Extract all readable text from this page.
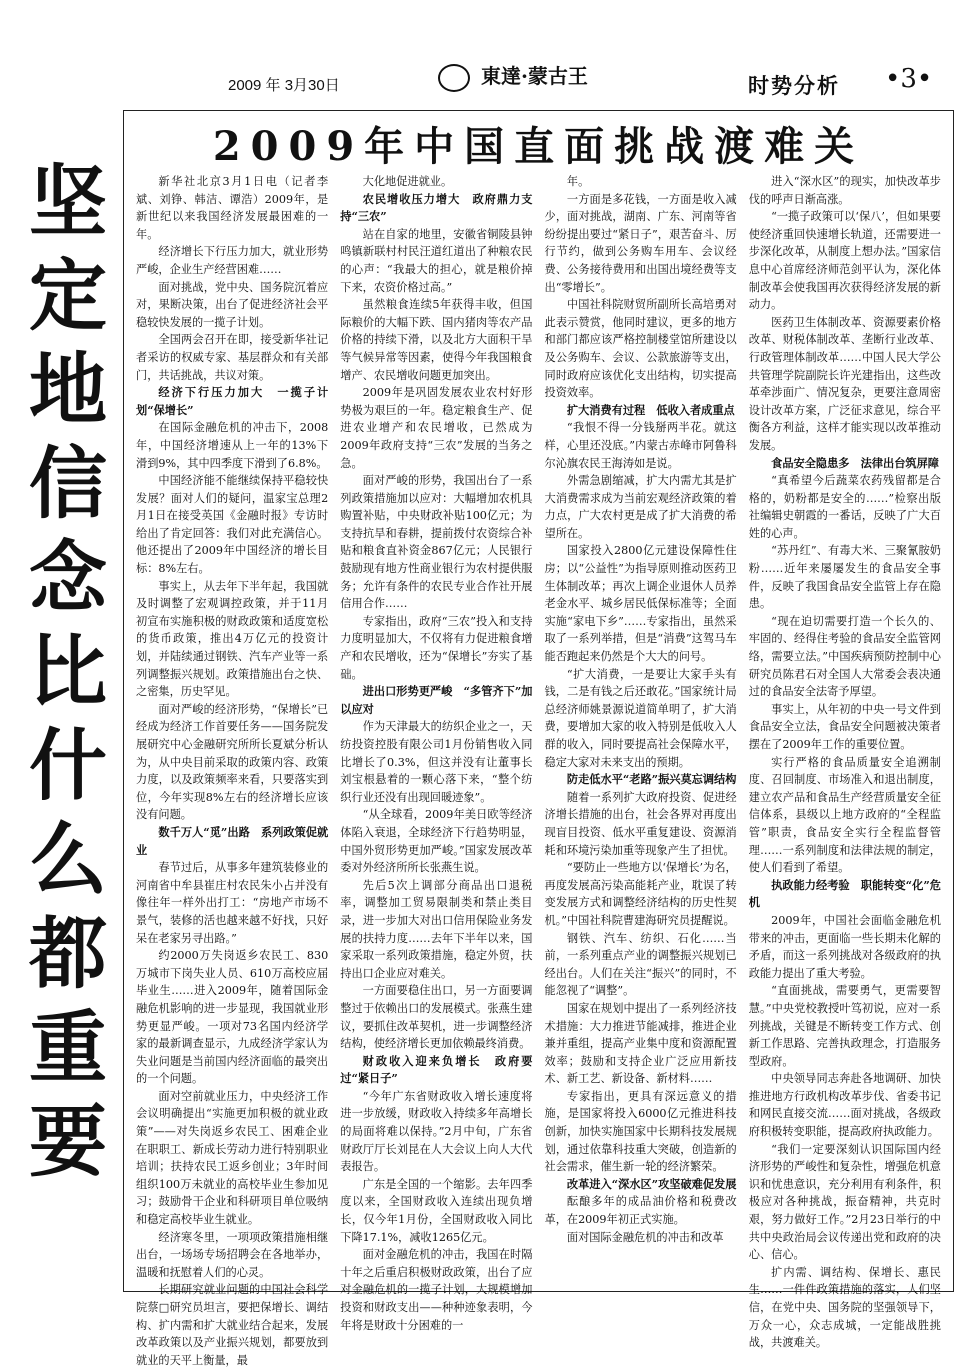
2009 年 3月30日	東達·蒙古王	时势分析 •3•
坚定地信念比什么都重要
2009年中国直面挑战渡难关

新华社北京3月1日电（记者李斌、刘铮、韩洁、谭浩）2009年，是新世纪以来我国经济发展最困难的一年。

经济增长下行压力加大，就业形势严峻，企业生产经营困难……

面对挑战，党中央、国务院沉着应对，果断决策，出台了促进经济社会平稳较快发展的一揽子计划。

全国两会召开在即，接受新华社记者采访的权威专家、基层群众和有关部门，共话挑战，共议对策。

经济下行压力加大　一揽子计划“保增长”

在国际金融危机的冲击下，2008年，中国经济增速从上一年的13%下滑到9%，其中四季度下滑到了6.8%。

中国经济能不能继续保持平稳较快发展？面对人们的疑问，温家宝总理2月1日在接受英国《金融时报》专访时给出了肯定回答：我们对此充满信心。他还提出了2009年中国经济的增长目标：8%左右。

事实上，从去年下半年起，我国就及时调整了宏观调控政策，并于11月初宣布实施积极的财政政策和适度宽松的货币政策，推出4万亿元的投资计划，并陆续通过钢铁、汽车产业等一系列调整振兴规划。政策措施出台之快、之密集，历史罕见。

面对严峻的经济形势，“保增长”已经成为经济工作首要任务——国务院发展研究中心金融研究所所长夏斌分析认为，从中央目前采取的政策内容、政策力度，以及政策频率来看，只要落实到位，今年实现8%左右的经济增长应该没有问题。

数千万人“觅”出路　系列政策促就业

春节过后，从事多年建筑装修业的河南省中牟县崔庄村农民朱小占并没有像往年一样外出打工：“房地产市场不景气，装修的活也越来越不好找，只好呆在老家另寻出路。”

约2000万失岗返乡农民工、830万城市下岗失业人员、610万高校应届毕业生……进入2009年，随着国际金融危机影响的进一步显现，我国就业形势更显严峻。一项对73名国内经济学家的最新调查显示，九成经济学家认为失业问题是当前国内经济面临的最突出的一个问题。

面对空前就业压力，中央经济工作会议明确提出“实施更加积极的就业政策”——对失岗返乡农民工、困难企业在职职工、新成长劳动力进行特别职业培训；扶持农民工返乡创业；3年时间组织100万未就业的高校毕业生参加见习；鼓励骨干企业和科研项目单位吸纳和稳定高校毕业生就业。

经济寒冬里，一项项政策措施相继出台，一场场专场招聘会在各地举办，温暖和抚慰着人们的心灵。

长期研究就业问题的中国社会科学院蔡□研究员坦言，要把保增长、调结构、扩内需和扩大就业结合起来，发展改革政策以及产业振兴规划，都要放到就业的天平上衡量，最

大化地促进就业。

农民增收压力增大　政府鼎力支持“三农”

站在自家的地里，安徽省铜陵县钟鸣镇新联村村民汪道红道出了种粮农民的心声：“我最大的担心，就是粮价掉下来，农资价格过高。”

虽然粮食连续5年获得丰收，但国际粮价的大幅下跌、国内猪肉等农产品价格的持续下滑，以及北方大面积干旱等气候异常等因素，使得今年我国粮食增产、农民增收问题更加突出。

2009年是巩固发展农业农村好形势极为艰巨的一年。稳定粮食生产、促进农业增产和农民增收，已然成为2009年政府支持“三农”发展的当务之急。

面对严峻的形势，我国出台了一系列政策措施加以应对：大幅增加农机具购置补贴，中央财政补贴100亿元；为支持抗旱和春耕，提前拨付农资综合补贴和粮食直补资金867亿元；人民银行鼓励现有地方性商业银行为农村提供服务；允许有条件的农民专业合作社开展信用合作……

专家指出，政府“三农”投入和支持力度明显加大，不仅将有力促进粮食增产和农民增收，还为“保增长”夯实了基础。

进出口形势更严峻　“多管齐下”加以应对

作为天津最大的纺织企业之一，天纺投资控股有限公司1月份销售收入同比增长了0.3%，但这并没有让董事长刘宝根悬着的一颗心落下来，“整个纺织行业还没有出现回暖迹象”。

“从全球看，2009年美日欧等经济体陷入衰退，全球经济下行趋势明显，中国外贸形势更加严峻。”国家发展改革委对外经济所所长张燕生说。

先后5次上调部分商品出口退税率，调整加工贸易限制类和禁止类目录，进一步加大对出口信用保险业务发展的扶持力度……去年下半年以来，国家采取一系列政策措施，稳定外贸，扶持出口企业应对难关。

一方面要稳住出口，另一方面要调整过于依赖出口的发展模式。张燕生建议，要抓住改革契机，进一步调整经济结构，使经济增长更加依赖最终消费。

财政收入迎来负增长　政府要过“紧日子”

“今年广东省财政收入增长速度将进一步放缓，财政收入持续多年高增长的局面将难以保持。”2月中旬，广东省财政厅厅长刘昆在人大会议上向人大代表报告。

广东是全国的一个缩影。去年四季度以来，全国财政收入连续出现负增长，仅今年1月份，全国财政收入同比下降17.1%，减收1265亿元。

面对金融危机的冲击，我国在时隔十年之后重启积极财政政策，出台了应对金融危机的一揽子计划，大规模增加投资和财政支出——种种迹象表明，今年将是财政十分困难的一

年。

一方面是多花钱，一方面是收入减少，面对挑战，湖南、广东、河南等省纷纷提出要过“紧日子”，艰苦奋斗、厉行节约，做到公务购车用车、会议经费、公务接待费用和出国出境经费等支出“零增长”。

中国社科院财贸所副所长高培勇对此表示赞赏，他同时建议，更多的地方和部门都应该严格控制楼堂馆所建设以及公务购车、会议、公款旅游等支出，同时政府应该优化支出结构，切实提高投资效率。

扩大消费有过程　低收入者成重点

“我恨不得一分钱掰两半花。就这样，心里还没底。”内蒙古赤峰市阿鲁科尔沁旗农民王海涛如是说。

外需急剧缩减，扩大内需尤其是扩大消费需求成为当前宏观经济政策的着力点，广大农村更是成了扩大消费的希望所在。

国家投入2800亿元建设保障性住房；以“公益性”为指导原则推动医药卫生体制改革；再次上调企业退休人员养老金水平、城乡居民低保标准等；全面实施“家电下乡”……专家指出，虽然采取了一系列举措，但是“消费”这驾马车能否跑起来仍然是个大大的问号。

“扩大消费，一是要让大家手头有钱，二是有钱之后还敢花。”国家统计局总经济师姚景源说道简单明了，扩大消费，要增加大家的收入特别是低收入人群的收入，同时要提高社会保障水平，稳定大家对未来支出的预期。

防走低水平“老路”振兴莫忘调结构

随着一系列扩大政府投资、促进经济增长措施的出台，社会各界对再度出现盲目投资、低水平重复建设、资源消耗和环境污染加重等现象产生了担忧。

“要防止一些地方以‘保增长’为名，再度发展高污染高能耗产业，耽误了转变发展方式和调整经济结构的历史性契机。”中国社科院曹建海研究员提醒说。

钢铁、汽车、纺织、石化……当前，一系列重点产业的调整振兴规划已经出台。人们在关注“振兴”的同时，不能忽视了“调整”。

国家在规划中提出了一系列经济技术措施：大力推进节能减排，推进企业兼并重组，提高产业集中度和资源配置效率；鼓励和支持企业广泛应用新技术、新工艺、新设备、新材料……

专家指出，更具有深远意义的措施，是国家将投入6000亿元推进科技创新，加快实施国家中长期科技发展规划，通过依靠科技重大突破，创造新的社会需求，催生新一轮的经济繁荣。

改革进入“深水区”攻坚破难促发展

酝酿多年的成品油价格和税费改革，在2009年初正式实施。

面对国际金融危机的冲击和改革

进入“深水区”的现实，加快改革步伐的呼声日渐高涨。

“一揽子政策可以‘保八’，但如果要使经济重回快速增长轨道，还需要进一步深化改革，从制度上想办法。”国家信息中心首席经济师范剑平认为，深化体制改革会使我国再次获得经济发展的新动力。

医药卫生体制改革、资源要素价格改革、财税体制改革、垄断行业改革、行政管理体制改革……中国人民大学公共管理学院副院长许光建指出，这些改革牵涉面广、情况复杂，更要注意周密设计改革方案，广泛征求意见，综合平衡各方利益，这样才能实现以改革推动发展。

食品安全隐患多　法律出台筑屏障

“真希望今后蔬菜农药残留都是合格的，奶粉都是安全的……”检察出版社编辑史朝霞的一番话，反映了广大百姓的心声。

“苏丹红”、有毒大米、三聚氰胺奶粉……近年来屡屡发生的食品安全事件，反映了我国食品安全监管上存在隐患。

“现在迫切需要打造一个长久的、牢固的、经得住考验的食品安全监管网络，需要立法。”中国疾病预防控制中心研究员陈君石对全国人大常委会表决通过的食品安全法寄予厚望。

事实上，从年初的中央一号文件到食品安全立法，食品安全问题被决策者摆在了2009年工作的重要位置。

实行严格的食品质量安全追溯制度、召回制度、市场准入和退出制度，建立农产品和食品生产经营质量安全征信体系，县级以上地方政府的“全程监管”职责，食品安全实行全程监督管理……一系列制度和法律法规的制定，使人们看到了希望。

执政能力经考验　职能转变“化”危机

2009年，中国社会面临金融危机带来的冲击，更面临一些长期未化解的矛盾，而这一系列挑战对各级政府的执政能力提出了重大考验。

“直面挑战，需要勇气，更需要智慧。”中央党校教授叶笃初说，应对一系列挑战，关键是不断转变工作方式、创新工作思路、完善执政理念，打造服务型政府。

中央领导同志奔赴各地调研、加快推进地方行政机构改革步伐、省委书记和网民直接交流……面对挑战，各级政府积极转变职能，提高政府执政能力。

“我们一定要深刻认识国际国内经济形势的严峻性和复杂性，增强危机意识和忧患意识，充分利用有利条件，积极应对各种挑战，振奋精神，共克时艰，努力做好工作。”2月23日举行的中共中央政治局会议传递出党和政府的决心、信心。

扩内需、调结构、保增长、惠民生……一件件政策措施的落实，人们坚信，在党中央、国务院的坚强领导下，万众一心，众志成城，一定能战胜挑战，共渡难关。
